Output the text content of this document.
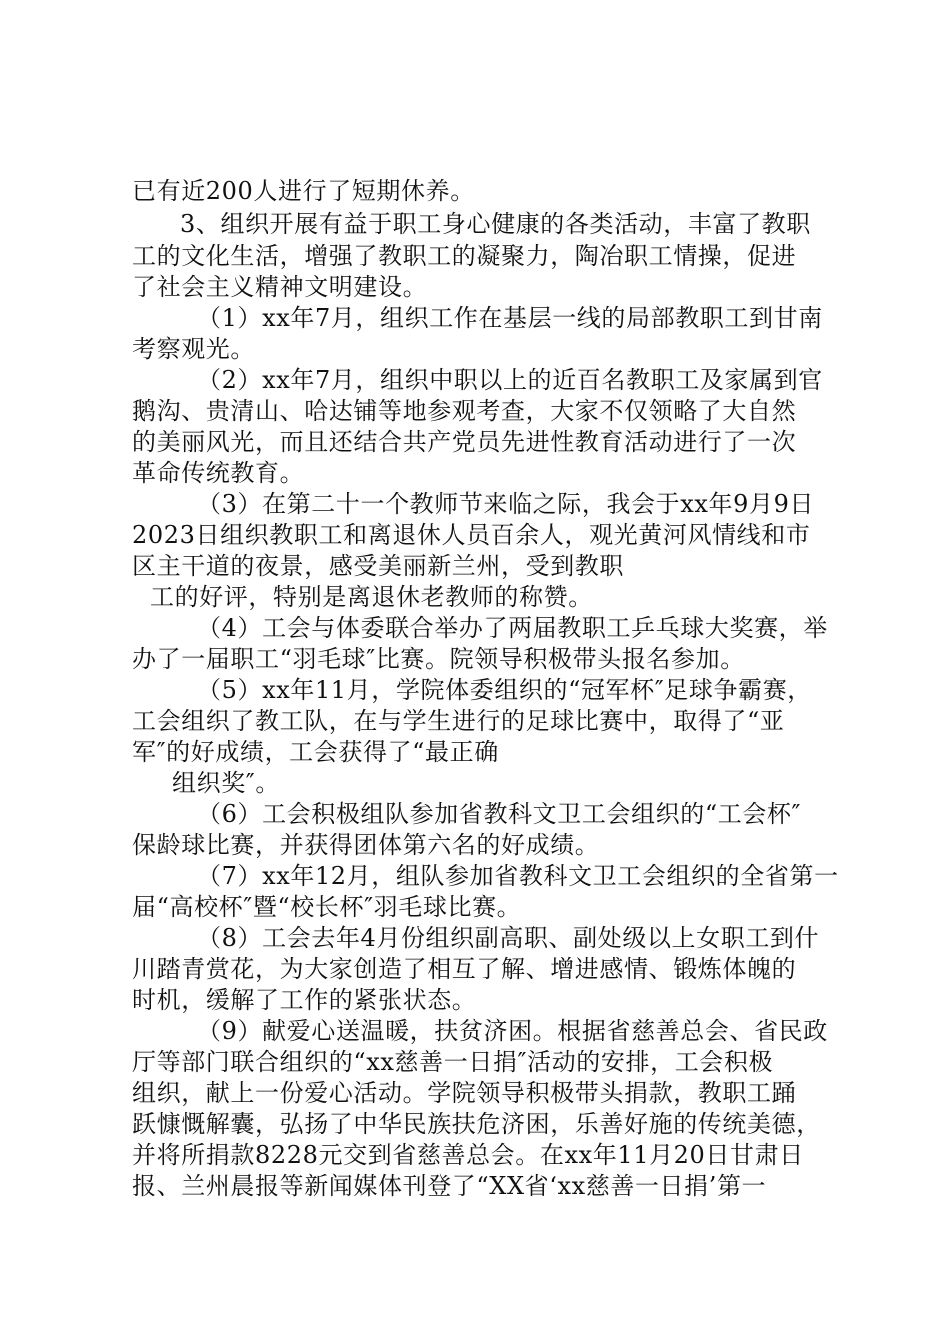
已有近200人进行了短期休养。
3、组织开展有益于职工身心健康的各类活动，丰富了教职
工的文化生活，增强了教职工的凝聚力，陶冶职工情操，促进
了社会主义精神文明建设。
（1）xx年7月，组织工作在基层一线的局部教职工到甘南
考察观光。
（2）xx年7月，组织中职以上的近百名教职工及家属到官
鹅沟、贵清山、哈达铺等地参观考查，大家不仅领略了大自然
的美丽风光，而且还结合共产党员先进性教育活动进行了一次
革命传统教育。
（3）在第二十一个教师节来临之际，我会于xx年9月9日
2023日组织教职工和离退休人员百余人，观光黄河风情线和市
区主干道的夜景，感受美丽新兰州，受到教职
工的好评，特别是离退休老教师的称赞。
（4）工会与体委联合举办了两届教职工乒乓球大奖赛，举
办了一届职工“羽毛球″比赛。院领导积极带头报名参加。
（5）xx年11月，学院体委组织的“冠军杯″足球争霸赛，
工会组织了教工队，在与学生进行的足球比赛中，取得了“亚
军″的好成绩，工会获得了“最正确
组织奖″。
（6）工会积极组队参加省教科文卫工会组织的“工会杯″
保龄球比赛，并获得团体第六名的好成绩。
（7）xx年12月，组队参加省教科文卫工会组织的全省第一
届“高校杯″暨“校长杯″羽毛球比赛。
（8）工会去年4月份组织副高职、副处级以上女职工到什
川踏青赏花，为大家创造了相互了解、增进感情、锻炼体魄的
时机，缓解了工作的紧张状态。
（9）献爱心送温暖，扶贫济困。根据省慈善总会、省民政
厅等部门联合组织的“xx慈善一日捐″活动的安排，工会积极
组织，献上一份爱心活动。学院领导积极带头捐款，教职工踊
跃慷慨解囊，弘扬了中华民族扶危济困，乐善好施的传统美德，
并将所捐款8228元交到省慈善总会。在xx年11月20日甘肃日
报、兰州晨报等新闻媒体刊登了“XX省‘xx慈善一日捐’第一
